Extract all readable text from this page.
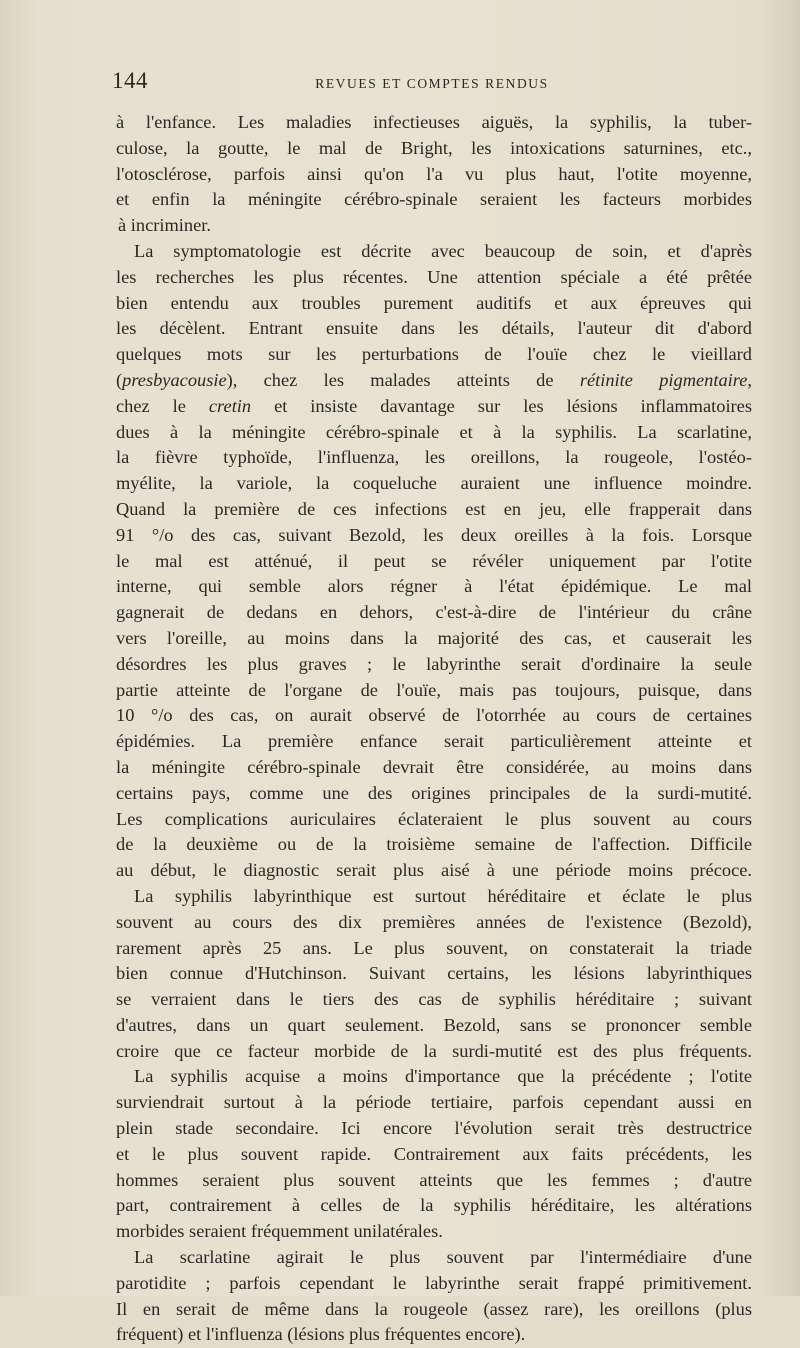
144	REVUES ET COMPTES RENDUS
à l'enfance. Les maladies infectieuses aiguës, la syphilis, la tuber-
culose, la goutte, le mal de Bright, les intoxications saturnines, etc.,
l'otosclérose, parfois ainsi qu'on l'a vu plus haut, l'otite moyenne,
et enfin la méningite cérébro-spinale seraient les facteurs morbides
à incriminer.
La symptomatologie est décrite avec beaucoup de soin, et d'après
les recherches les plus récentes. Une attention spéciale a été prêtée
bien entendu aux troubles purement auditifs et aux épreuves qui
les décèlent. Entrant ensuite dans les détails, l'auteur dit d'abord
quelques mots sur les perturbations de l'ouïe chez le vieillard
(presbyacousie), chez les malades atteints de rétinite pigmentaire,
chez le cretin et insiste davantage sur les lésions inflammatoires
dues à la méningite cérébro-spinale et à la syphilis. La scarlatine,
la fièvre typhoïde, l'influenza, les oreillons, la rougeole, l'ostéo-
myélite, la variole, la coqueluche auraient une influence moindre.
Quand la première de ces infections est en jeu, elle frapperait dans
91 °/o des cas, suivant Bezold, les deux oreilles à la fois. Lorsque
le mal est atténué, il peut se révéler uniquement par l'otite
interne, qui semble alors régner à l'état épidémique. Le mal
gagnerait de dedans en dehors, c'est-à-dire de l'intérieur du crâne
vers l'oreille, au moins dans la majorité des cas, et causerait les
désordres les plus graves ; le labyrinthe serait d'ordinaire la seule
partie atteinte de l'organe de l'ouïe, mais pas toujours, puisque, dans
10 °/o des cas, on aurait observé de l'otorrhée au cours de certaines
épidémies. La première enfance serait particulièrement atteinte et
la méningite cérébro-spinale devrait être considérée, au moins dans
certains pays, comme une des origines principales de la surdi-mutité.
Les complications auriculaires éclateraient le plus souvent au cours
de la deuxième ou de la troisième semaine de l'affection. Difficile
au début, le diagnostic serait plus aisé à une période moins précoce.
La syphilis labyrinthique est surtout héréditaire et éclate le plus
souvent au cours des dix premières années de l'existence (Bezold),
rarement après 25 ans. Le plus souvent, on constaterait la triade
bien connue d'Hutchinson. Suivant certains, les lésions labyrinthiques
se verraient dans le tiers des cas de syphilis héréditaire ; suivant
d'autres, dans un quart seulement. Bezold, sans se prononcer semble
croire que ce facteur morbide de la surdi-mutité est des plus fréquents.
La syphilis acquise a moins d'importance que la précédente ; l'otite
surviendrait surtout à la période tertiaire, parfois cependant aussi en
plein stade secondaire. Ici encore l'évolution serait très destructrice
et le plus souvent rapide. Contrairement aux faits précédents, les
hommes seraient plus souvent atteints que les femmes ; d'autre
part, contrairement à celles de la syphilis héréditaire, les altérations
morbides seraient fréquemment unilatérales.
La scarlatine agirait le plus souvent par l'intermédiaire d'une
parotidite ; parfois cependant le labyrinthe serait frappé primitivement.
Il en serait de même dans la rougeole (assez rare), les oreillons (plus
fréquent) et l'influenza (lésions plus fréquentes encore).
